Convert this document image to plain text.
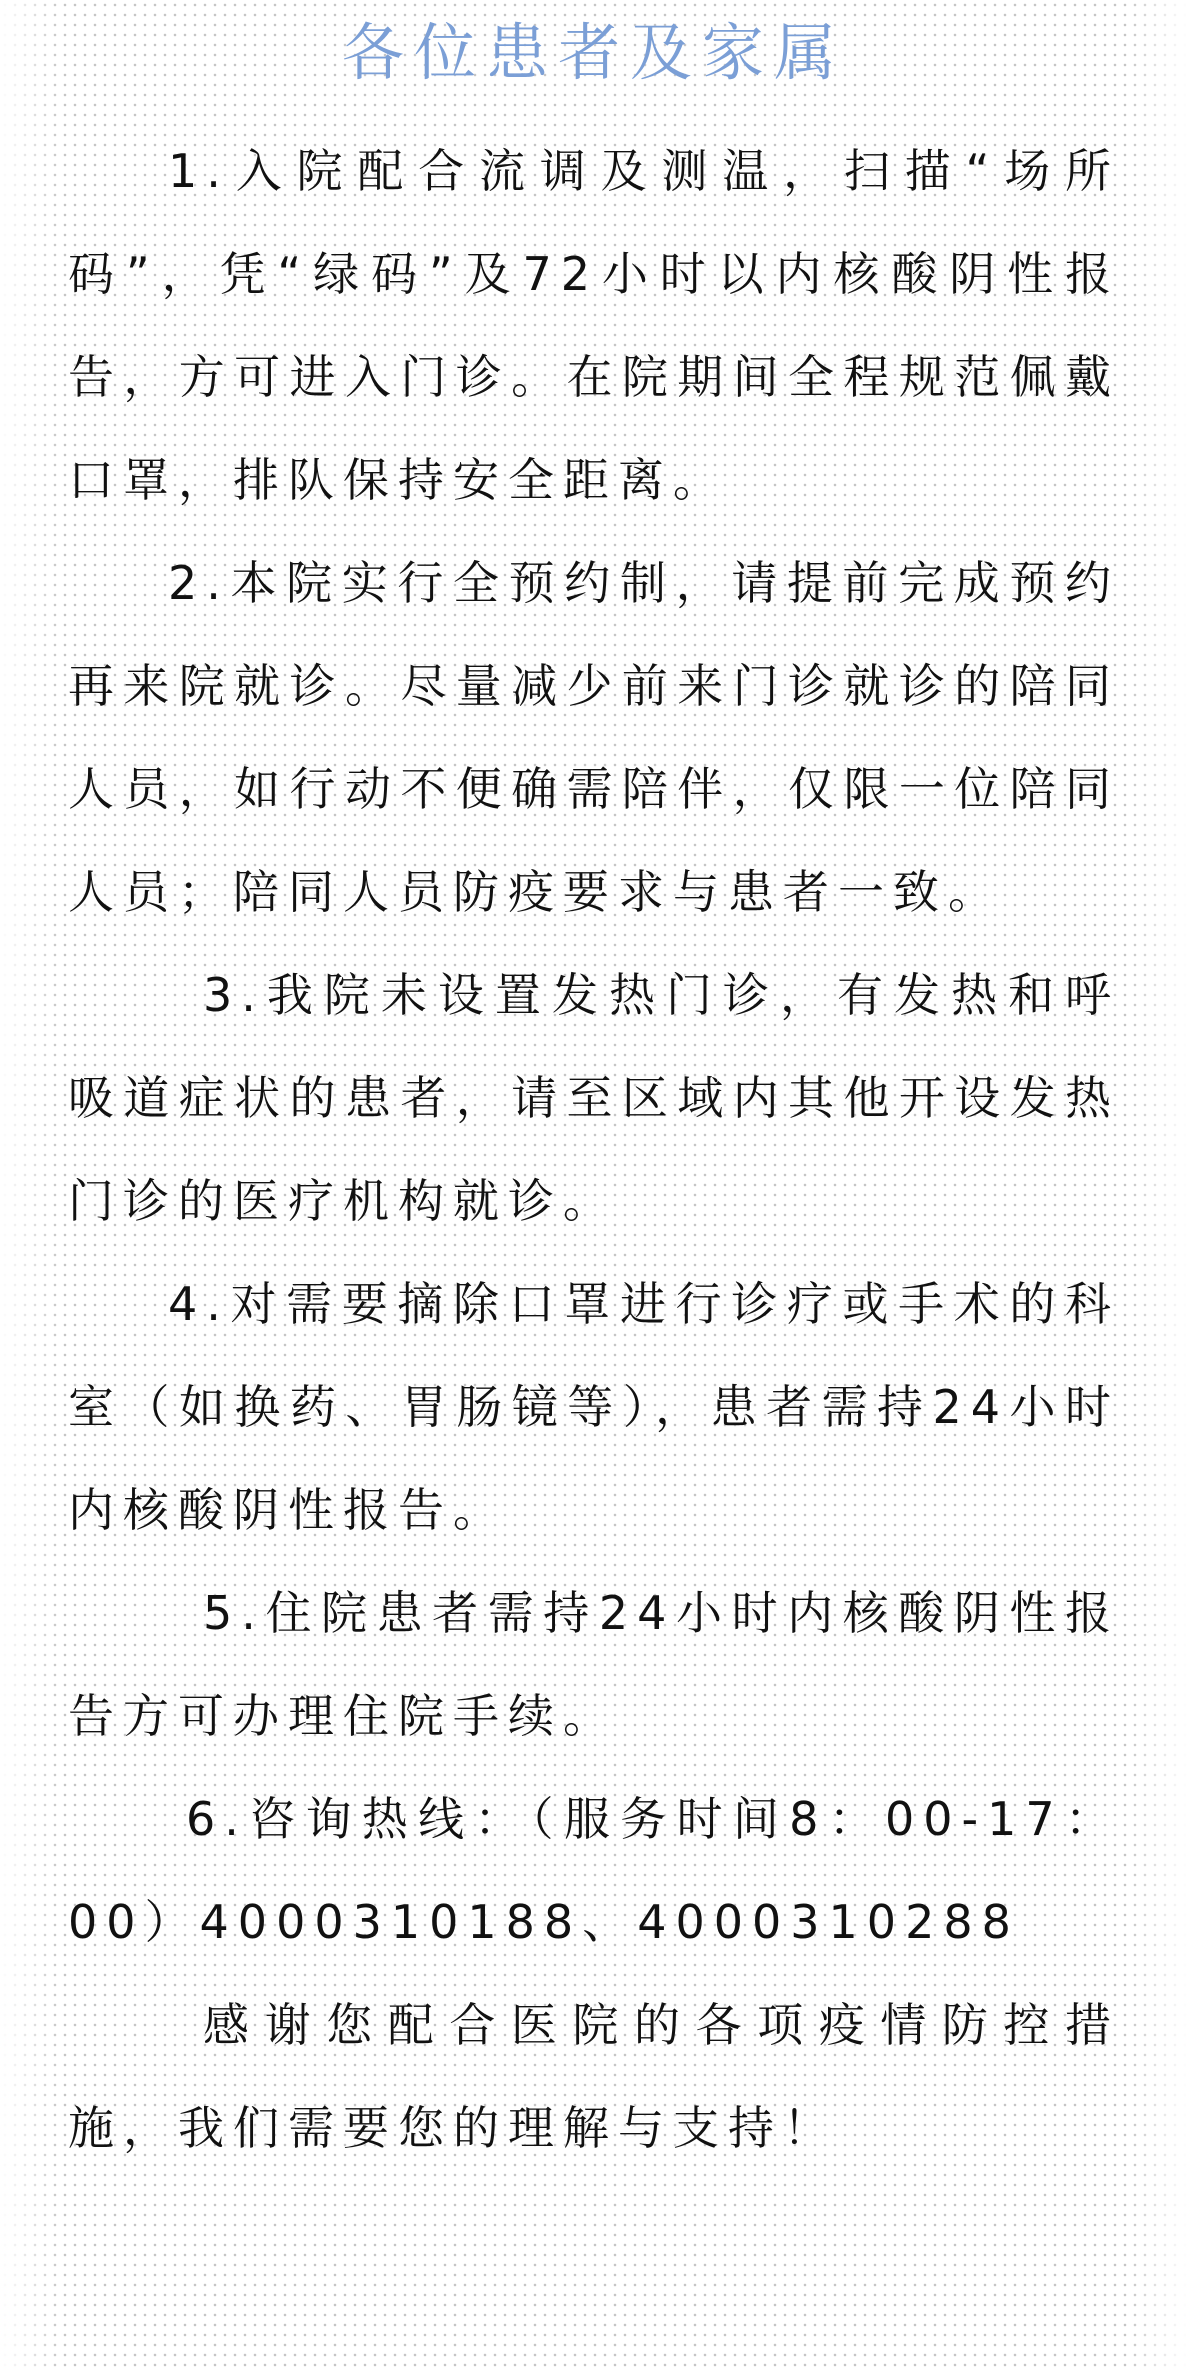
各位患者及家属

1.入院配合流调及测温，扫描“场所码”，凭“绿码”及72小时以内核酸阴性报告，方可进入门诊。在院期间全程规范佩戴口罩，排队保持安全距离。

2.本院实行全预约制，请提前完成预约再来院就诊。尽量减少前来门诊就诊的陪同人员，如行动不便确需陪伴，仅限一位陪同人员；陪同人员防疫要求与患者一致。

3.我院未设置发热门诊，有发热和呼吸道症状的患者，请至区域内其他开设发热门诊的医疗机构就诊。

4.对需要摘除口罩进行诊疗或手术的科室（如换药、胃肠镜等），患者需持24小时内核酸阴性报告。

5.住院患者需持24小时内核酸阴性报告方可办理住院手续。

6.咨询热线：（服务时间8：00-17：00）4000310188、4000310288

感谢您配合医院的各项疫情防控措施，我们需要您的理解与支持！
